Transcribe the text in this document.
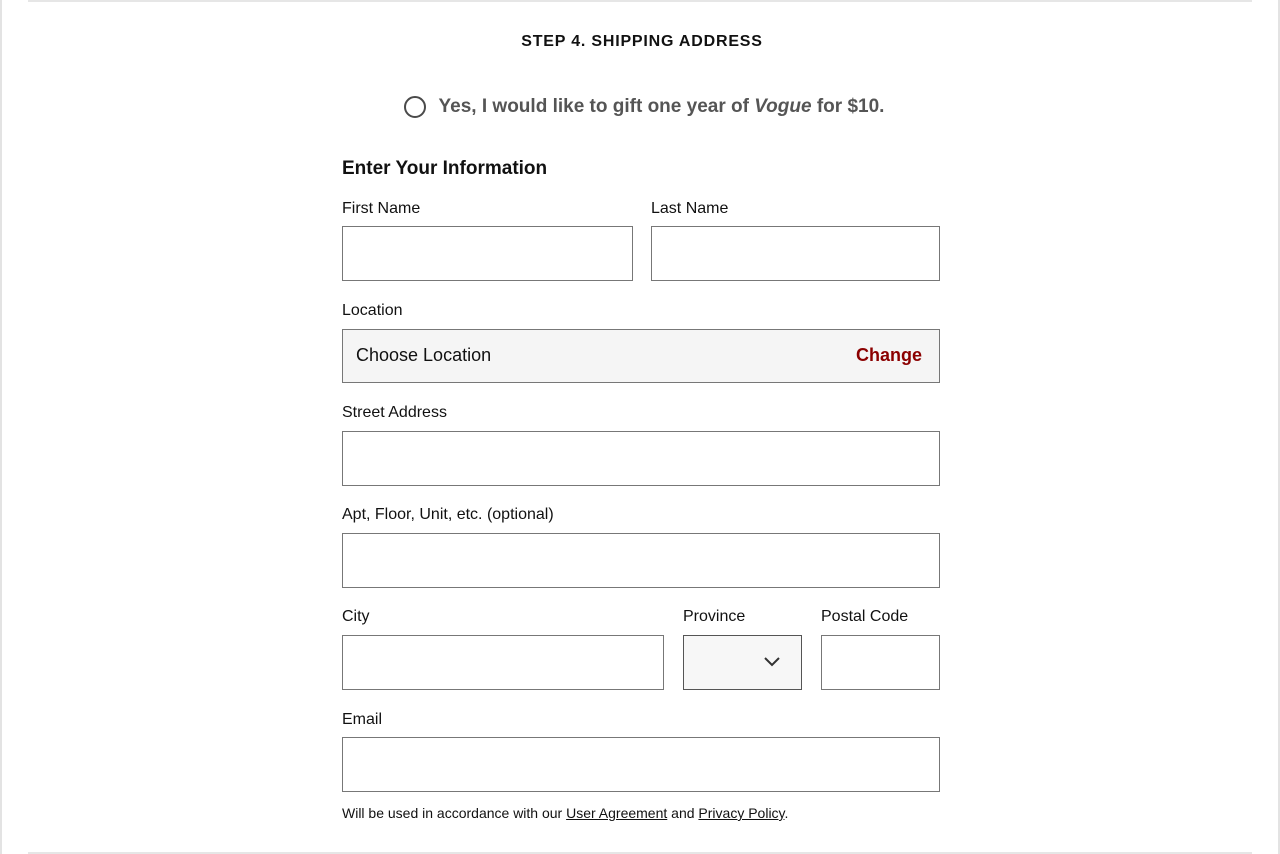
STEP 4. SHIPPING ADDRESS
Yes, I would like to gift one year of Vogue for $10.
Enter Your Information
First Name	Last Name
Location
Choose Location	Change
Street Address
Apt, Floor, Unit, etc. (optional)
City	Province	Postal Code
Email
Will be used in accordance with our User Agreement and Privacy Policy.
